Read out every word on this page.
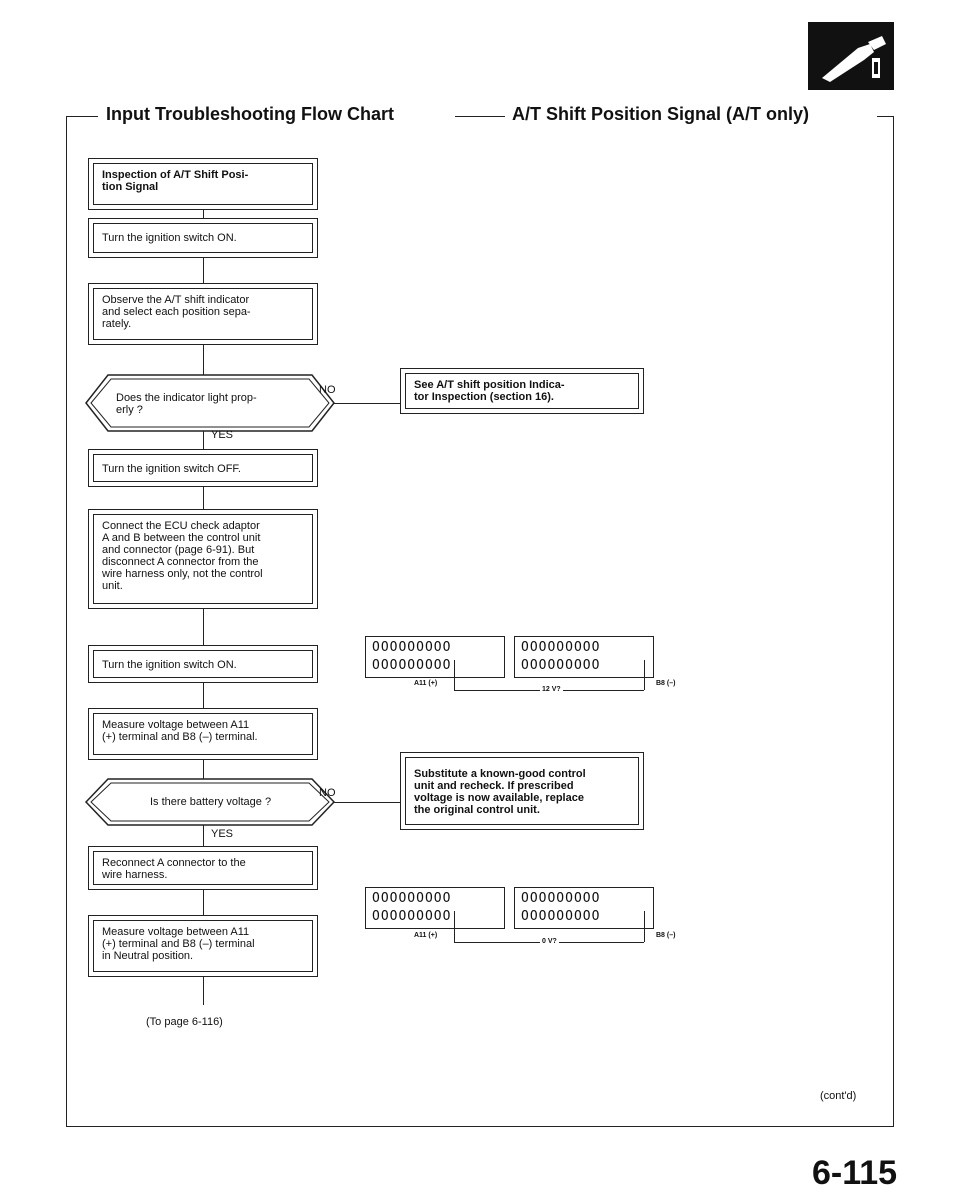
Input Troubleshooting Flow Chart	A/T Shift Position Signal (A/T only)
Inspection of A/T Shift Posi-
tion Signal
Turn the ignition switch ON.
Observe the A/T shift indicator
and select each position sepa-
rately.
Does the indicator light prop-
erly ?
NO
YES
See A/T shift position Indica-
tor Inspection (section 16).
Turn the ignition switch OFF.
Connect the ECU check adaptor
A and B between the control unit
and connector (page 6-91). But
disconnect A connector from the
wire harness only, not the control
unit.
Turn the ignition switch ON.
Measure voltage between A11
(+) terminal and B8 (–) terminal.
Is there battery voltage ?
NO
YES
Substitute a known-good control
unit and recheck. If prescribed
voltage is now available, replace
the original control unit.
Reconnect A connector to the
wire harness.
Measure voltage between A11
(+) terminal and B8 (–) terminal
in Neutral position.
(To page 6-116)
OOOOOOOOO
OOOOOOOOO
OOOOOOOOO
OOOOOOOOO
A11 (+)
12 V?
B8 (–)
OOOOOOOOO
OOOOOOOOO
OOOOOOOOO
OOOOOOOOO
A11 (+)
0 V?
B8 (–)
(cont'd)
6-115
